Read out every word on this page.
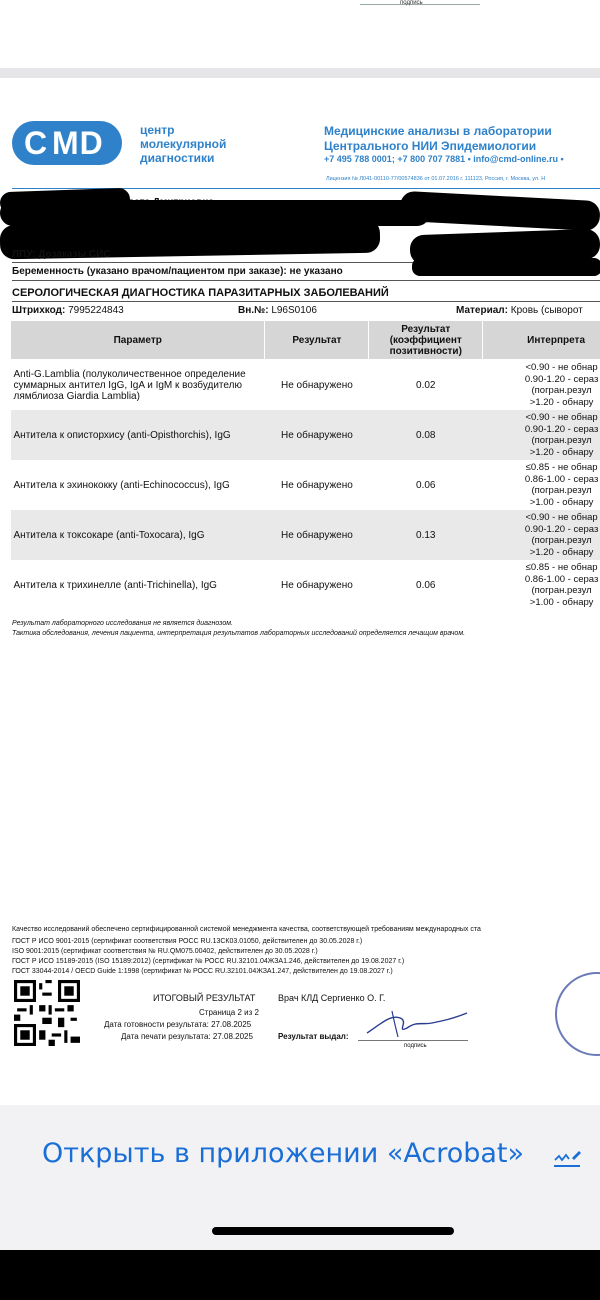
подпись
C MD	центр
молекулярной
диагностики
Медицинские анализы в лаборатории
Центрального НИИ Эпидемиологии
+7 495 788 0001; +7 800 707 7881 • info@cmd-online.ru •
Лицензия № Л041-00110-77/00574836 от 01.07.2016 г. 111123, Россия, г. Москва, ул. Н
ЛПУ: Дозаказы СИС
Беременность (указано врачом/пациентом при заказе): не указано
СЕРОЛОГИЧЕСКАЯ ДИАГНОСТИКА ПАРАЗИТАРНЫХ ЗАБОЛЕВАНИЙ
Штрихкод: 7995224843	Вн.№: L96S0106	Материал: Кровь (сыворот
Параметр	Результат	Результат
(коэффициент
позитивности)	Интерпрета
Anti-G.Lamblia (полуколичественное определение суммарных антител IgG, IgA и IgM к возбудителю лямблиоза Giardia Lamblia)	Не обнаружено	0.02	<0.90 - не обнар
0.90-1.20 - сераз
(погран.резул
>1.20 - обнару

Антитела к описторхису (anti-Opisthorchis), IgG	Не обнаружено	0.08	<0.90 - не обнар
0.90-1.20 - сераз
(погран.резул
>1.20 - обнару

Антитела к эхинококку (anti-Echinococcus), IgG	Не обнаружено	0.06	≤0.85 - не обнар
0.86-1.00 - сераз
(погран.резул
>1.00 - обнару

Антитела к токсокаре (anti-Toxocara), IgG	Не обнаружено	0.13	<0.90 - не обнар
0.90-1.20 - сераз
(погран.резул
>1.20 - обнару

Антитела к трихинелле (anti-Trichinella), IgG	Не обнаружено	0.06	≤0.85 - не обнар
0.86-1.00 - сераз
(погран.резул
>1.00 - обнару
Результат лабораторного исследования не является диагнозом.
Тактика обследования, лечения пациента, интерпретация результатов лабораторных исследований определяется лечащим врачом.
Качество исследований обеспечено сертифицированной системой менеджмента качества, соответствующей требованиям международных ста
ГОСТ Р ИСО 9001-2015 (сертификат соответствия РОСС RU.13СК03.01050, действителен до 30.05.2028 г.)
ISO 9001:2015 (сертификат соответствия № RU.QM075.00402, действителен до 30.05.2028 г.)
ГОСТ Р ИСО 15189-2015 (ISO 15189:2012) (сертификат № РОСС RU.32101.04ЖЗА1.246, действителен до 19.08.2027 г.)
ГОСТ 33044-2014 / OECD Guide 1:1998 (сертификат № РОСС RU.32101.04ЖЗА1.247, действителен до 19.08.2027 г.)
ИТОГОВЫЙ РЕЗУЛЬТАТ	Врач КЛД Сергиенко О. Г.
Страница 2 из 2
Дата готовности результата: 27.08.2025
Дата печати результата: 27.08.2025	Результат выдал:
подпись
Открыть в приложении «Acrobat»
